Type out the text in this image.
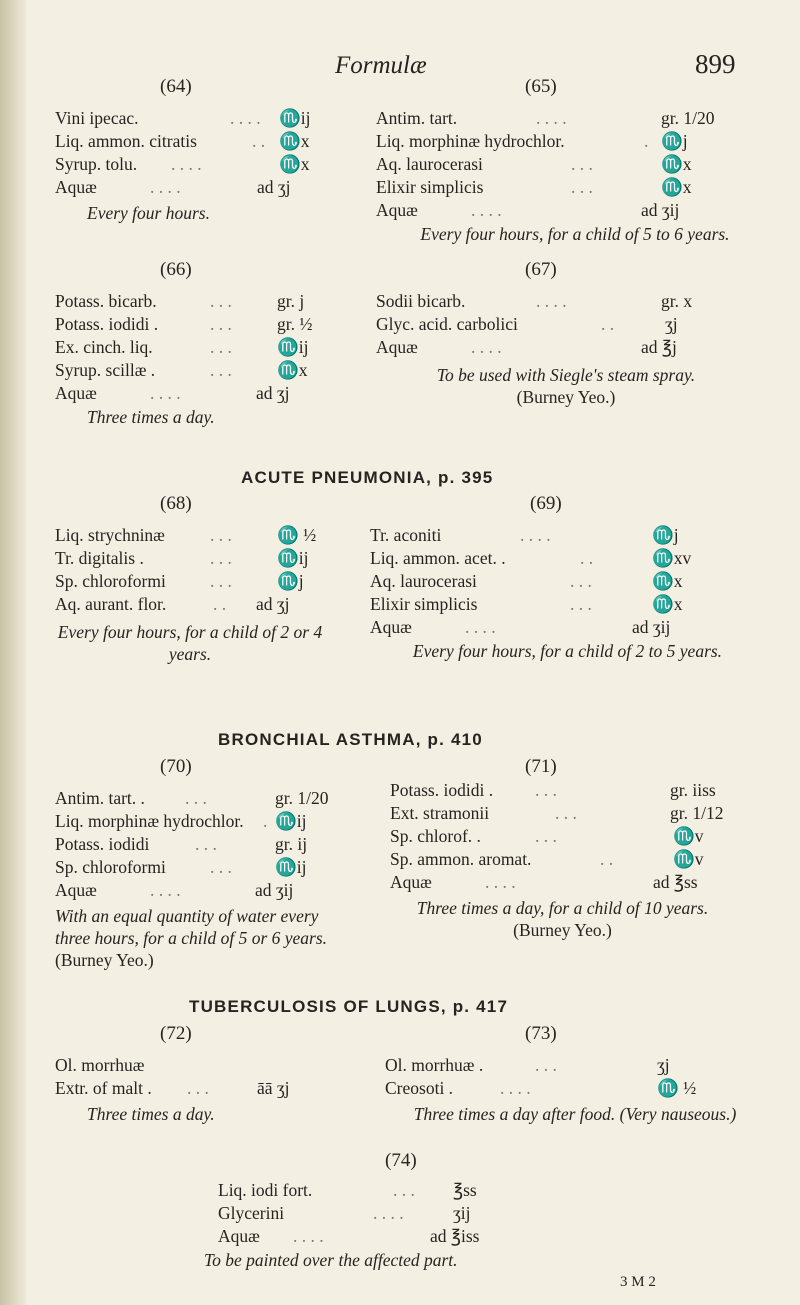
Formulæ	899
(64)
Vini ipecac.	. . . . ♏ij
Liq. ammon. citratis	. . ♏x
Syrup. tolu. . . . .	♏x
Aquæ	. . . .	ad ʒj
Every four hours.
(65)
Antim. tart.	. . . .	gr. 1/20
Liq. morphinæ hydrochlor.	. ♏j
Aq. laurocerasi	. . .	♏x
Elixir simplicis	. . .	♏x
Aquæ	. . . .	ad ʒij
Every four hours, for a child of 5 to 6 years.
(66)
Potass. bicarb.	. . .	gr. j
Potass. iodidi .	. . .	gr. ½
Ex. cinch. liq.	. . .	♏ij
Syrup. scillæ .	. . .	♏x
Aquæ	. . . .	ad ʒj
Three times a day.
(67)
Sodii bicarb.	. . . .	gr. x
Glyc. acid. carbolici	. .	ʒj
Aquæ	. . . .	ad ℥j
To be used with Siegle's steam spray.
(Burney Yeo.)
ACUTE PNEUMONIA, p. 395
(68)
Liq. strychninæ	. . .	♏ ½
Tr. digitalis .	. . .	♏ij
Sp. chloroformi	. . .	♏j
Aq. aurant. flor.	. . ad ʒj
Every four hours, for a child of 2 or 4 years.
(69)
Tr. aconiti	. . . .	♏j
Liq. ammon. acet. .	. .	♏xv
Aq. laurocerasi	. . .	♏x
Elixir simplicis	. . .	♏x
Aquæ	. . . .	ad ʒij
Every four hours, for a child of 2 to 5 years.
BRONCHIAL ASTHMA, p. 410
(70)
Antim. tart. . . . .	gr. 1/20
Liq. morphinæ hydrochlor. . ♏ij
Potass. iodidi	. . .	gr. ij
Sp. chloroformi	. . . ♏ij
Aquæ	. . . .	ad ʒij
With an equal quantity of water every three hours, for a child of 5 or 6 years.
(Burney Yeo.)
(71)
Potass. iodidi . . . .	gr. iiss
Ext. stramonii	. . .	gr. 1/12
Sp. chlorof. .	. . .	♏v
Sp. ammon. aromat.	. .	♏v
Aquæ	. . . .	ad ℥ss
Three times a day, for a child of 10 years.
(Burney Yeo.)
TUBERCULOSIS OF LUNGS, p. 417
(72)
Ol. morrhuæ
Extr. of malt . . . .	āā ʒj
Three times a day.
(73)
Ol. morrhuæ .	. . .	ʒj
Creosoti .	. . . .	♏ ½
Three times a day after food. (Very nauseous.)
(74)
Liq. iodi fort.	. . . ℥ss
Glycerini	. . . .	ʒij
Aquæ . . . .	ad ℥iss
To be painted over the affected part.
3 M 2
